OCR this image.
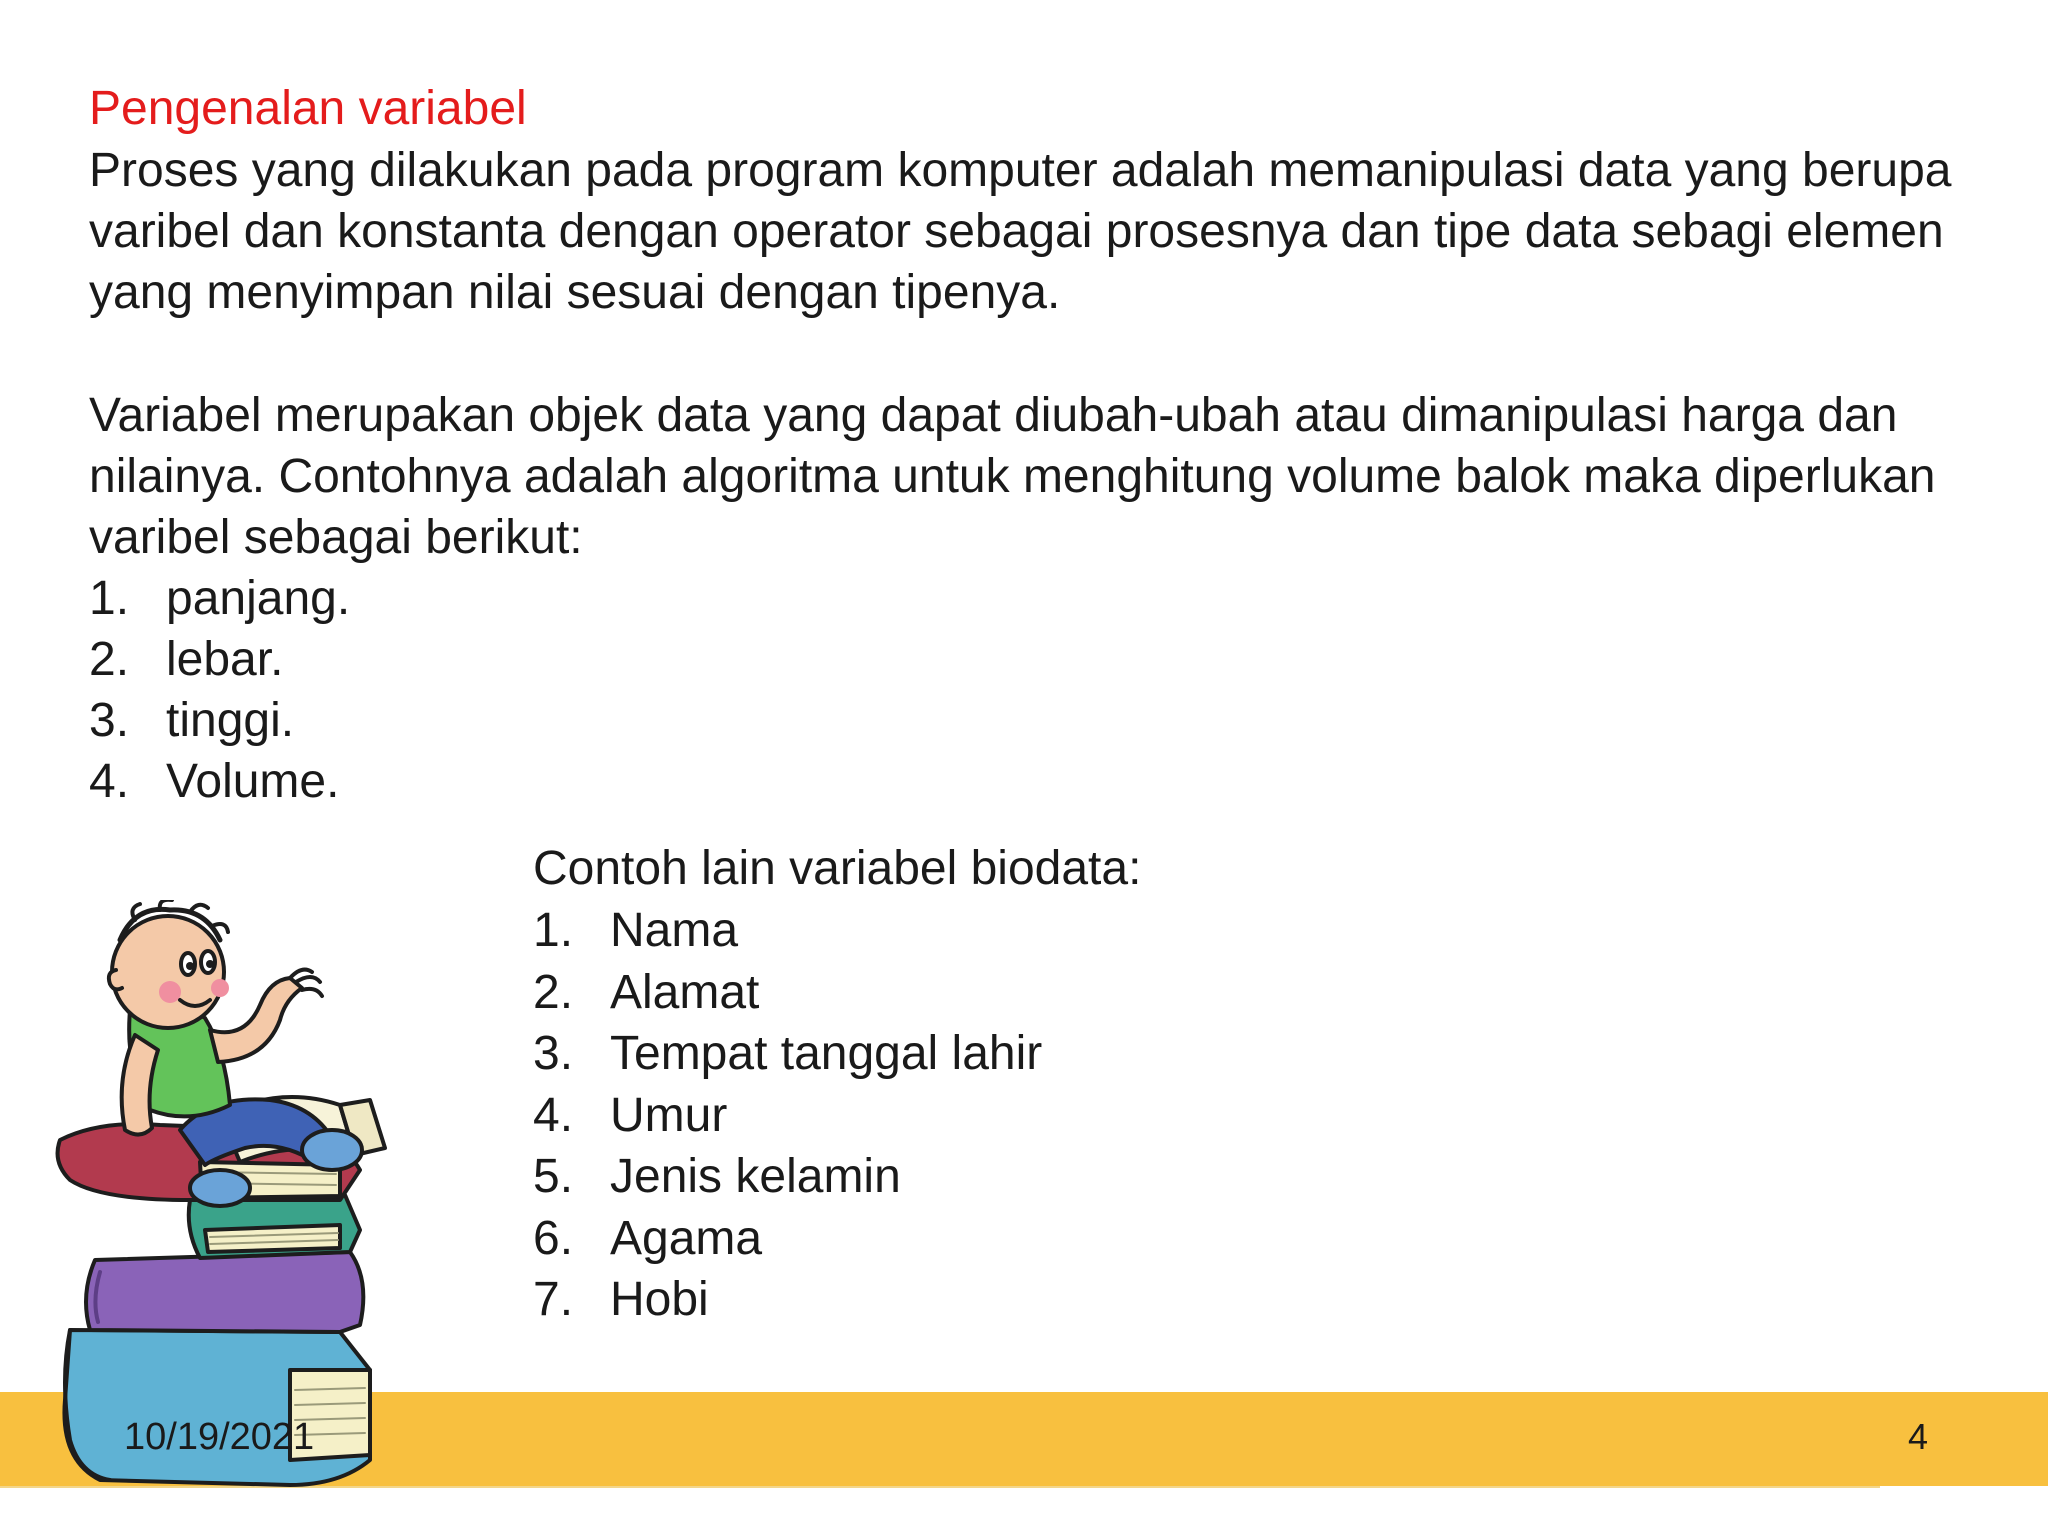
Pengenalan variabel

Proses yang dilakukan pada program komputer adalah memanipulasi data yang berupa varibel dan konstanta dengan operator sebagai prosesnya dan tipe data sebagi elemen yang menyimpan nilai sesuai dengan tipenya.

Variabel merupakan objek data yang dapat diubah-ubah atau dimanipulasi harga dan nilainya. Contohnya adalah algoritma untuk menghitung volume balok maka diperlukan varibel sebagai berikut:

1. panjang.
2. lebar.
3. tinggi.
4. Volume.
Contoh lain variabel biodata:
1. Nama
2. Alamat
3. Tempat tanggal lahir
4. Umur
5. Jenis kelamin
6. Agama
7. Hobi
10/19/2021	4
